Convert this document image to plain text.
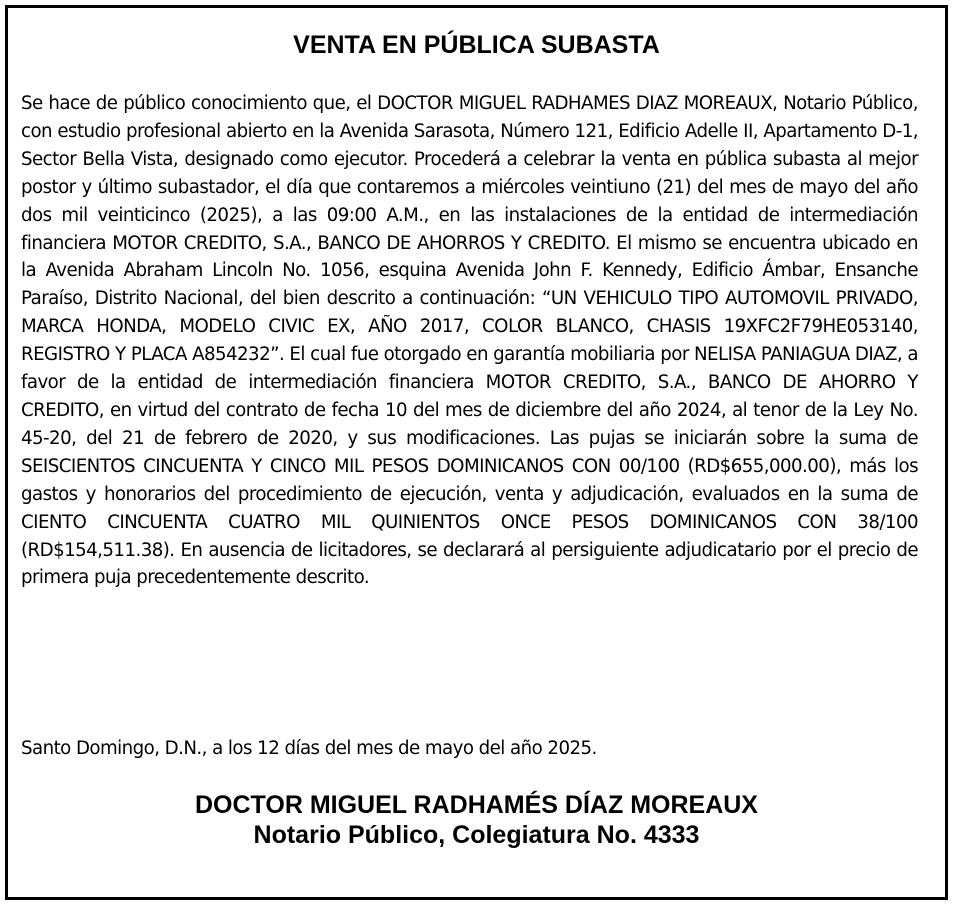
VENTA EN PÚBLICA SUBASTA

Se hace de público conocimiento que, el DOCTOR MIGUEL RADHAMES DIAZ MOREAUX, Notario Público, con estudio profesional abierto en la Avenida Sarasota, Número 121, Edificio Adelle II, Apartamento D-1, Sector Bella Vista, designado como ejecutor. Procederá a celebrar la venta en pública subasta al mejor postor y último subastador, el día que contaremos a miércoles veintiuno (21) del mes de mayo del año dos mil veinticinco (2025), a las 09:00 A.M., en las instalaciones de la entidad de intermediación financiera MOTOR CREDITO, S.A., BANCO DE AHORROS Y CREDITO. El mismo se encuentra ubicado en la Avenida Abraham Lincoln No. 1056, esquina Avenida John F. Kennedy, Edificio Ámbar, Ensanche Paraíso, Distrito Nacional, del bien descrito a continuación: “UN VEHICULO TIPO AUTOMOVIL PRIVADO, MARCA HONDA, MODELO CIVIC EX, AÑO 2017, COLOR BLANCO, CHASIS 19XFC2F79HE053140, REGISTRO Y PLACA A854232”. El cual fue otorgado en garantía mobiliaria por NELISA PANIAGUA DIAZ, a favor de la entidad de intermediación financiera MOTOR CREDITO, S.A., BANCO DE AHORRO Y CREDITO, en virtud del contrato de fecha 10 del mes de diciembre del año 2024, al tenor de la Ley No. 45-20, del 21 de febrero de 2020, y sus modificaciones. Las pujas se iniciarán sobre la suma de SEISCIENTOS CINCUENTA Y CINCO MIL PESOS DOMINICANOS CON 00/100 (RD$655,000.00), más los gastos y honorarios del procedimiento de ejecución, venta y adjudicación, evaluados en la suma de CIENTO CINCUENTA CUATRO MIL QUINIENTOS ONCE PESOS DOMINICANOS CON 38/100 (RD$154,511.38). En ausencia de licitadores, se declarará al persiguiente adjudicatario por el precio de primera puja precedentemente descrito.

Santo Domingo, D.N., a los 12 días del mes de mayo del año 2025.

DOCTOR MIGUEL RADHAMÉS DÍAZ MOREAUX
Notario Público, Colegiatura No. 4333
